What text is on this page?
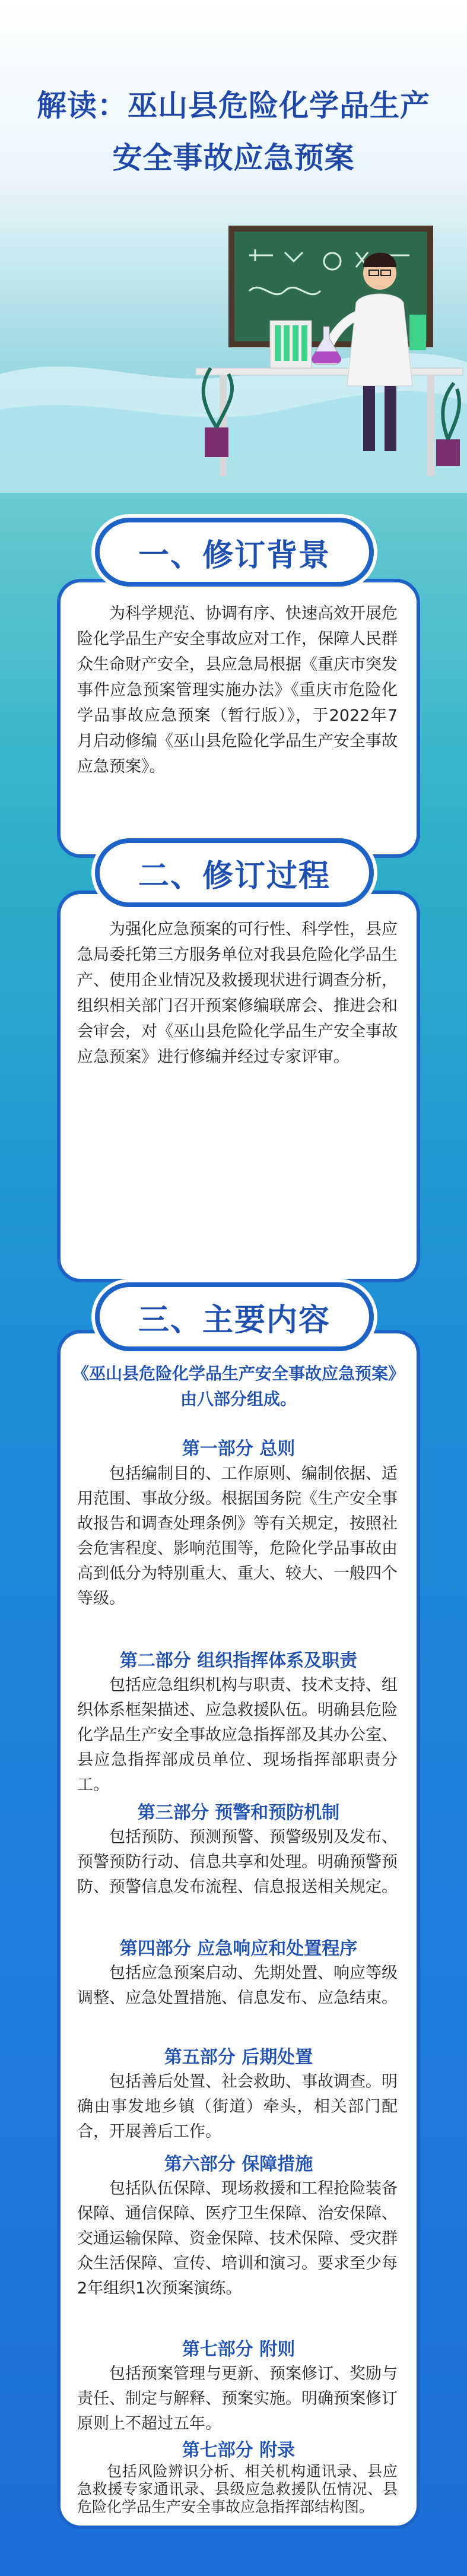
解读：巫山县危险化学品生产
安全事故应急预案
一、修订背景

为科学规范、协调有序、快速高效开展危险化学品生产安全事故应对工作，保障人民群众生命财产安全，县应急局根据《重庆市突发事件应急预案管理实施办法》《重庆市危险化学品事故应急预案（暂行版）》，于2022年7月启动修编《巫山县危险化学品生产安全事故应急预案》。

二、修订过程

为强化应急预案的可行性、科学性，县应急局委托第三方服务单位对我县危险化学品生产、使用企业情况及救援现状进行调查分析，组织相关部门召开预案修编联席会、推进会和会审会，对《巫山县危险化学品生产安全事故应急预案》进行修编并经过专家评审。

三、主要内容
《巫山县危险化学品生产安全事故应急预案》
由八部分组成。
第一部分 总则

包括编制目的、工作原则、编制依据、适用范围、事故分级。根据国务院《生产安全事故报告和调查处理条例》等有关规定，按照社会危害程度、影响范围等，危险化学品事故由高到低分为特别重大、重大、较大、一般四个等级。

第二部分 组织指挥体系及职责

包括应急组织机构与职责、技术支持、组织体系框架描述、应急救援队伍。明确县危险化学品生产安全事故应急指挥部及其办公室、县应急指挥部成员单位、现场指挥部职责分工。

第三部分 预警和预防机制

包括预防、预测预警、预警级别及发布、预警预防行动、信息共享和处理。明确预警预防、预警信息发布流程、信息报送相关规定。

第四部分 应急响应和处置程序

包括应急预案启动、先期处置、响应等级调整、应急处置措施、信息发布、应急结束。

第五部分 后期处置

包括善后处置、社会救助、事故调查。明确由事发地乡镇（街道）牵头，相关部门配合，开展善后工作。

第六部分 保障措施

包括队伍保障、现场救援和工程抢险装备保障、通信保障、医疗卫生保障、治安保障、交通运输保障、资金保障、技术保障、受灾群众生活保障、宣传、培训和演习。要求至少每2年组织1次预案演练。

第七部分 附则

包括预案管理与更新、预案修订、奖励与责任、制定与解释、预案实施。明确预案修订原则上不超过五年。

第七部分 附录

包括风险辨识分析、相关机构通讯录、县应急救援专家通讯录、县级应急救援队伍情况、县危险化学品生产安全事故应急指挥部结构图。
